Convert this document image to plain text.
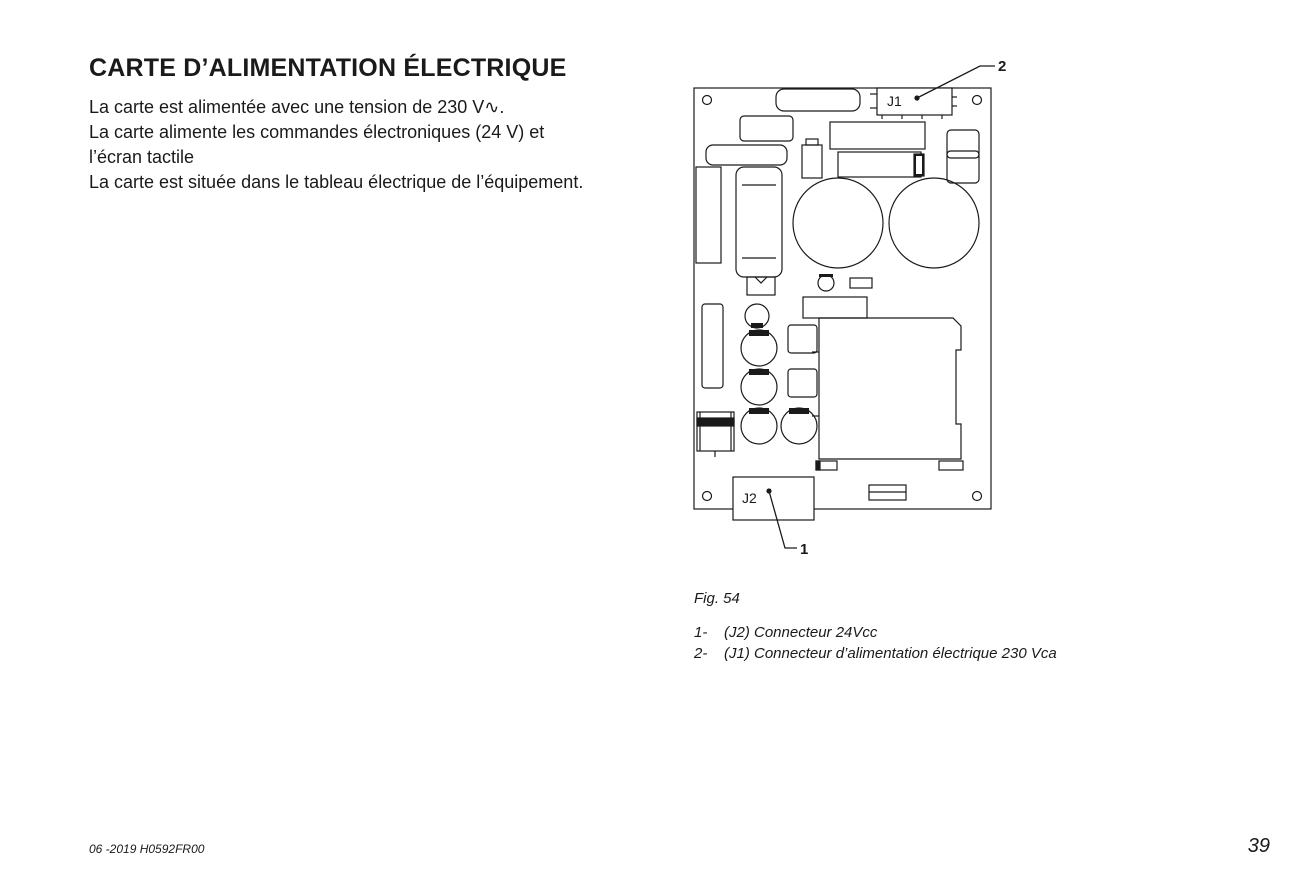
CARTE D’ALIMENTATION ÉLECTRIQUE
La carte est alimentée avec une tension de 230 V∿.
La carte alimente les commandes électroniques (24 V) et
l’écran tactile
La carte est située dans le tableau électrique de l’équipement.
J1
J2
2
1
Fig. 54
1- (J2) Connecteur 24Vcc
2- (J1) Connecteur d’alimentation électrique 230 Vca
06 -2019 H0592FR00	39
